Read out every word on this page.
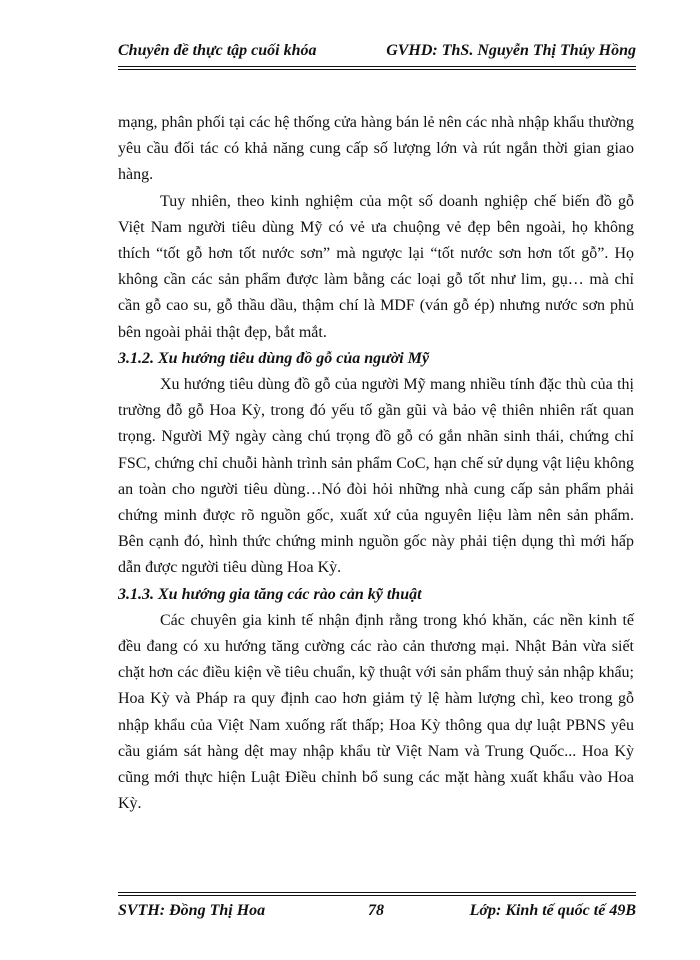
Chuyên đề thực tập cuối khóa	GVHD: ThS. Nguyễn Thị Thúy Hồng

mạng, phân phối tại các hệ thống cửa hàng bán lẻ nên các nhà nhập khẩu thường yêu cầu đối tác có khả năng cung cấp số lượng lớn và rút ngắn thời gian giao hàng.

Tuy nhiên, theo kinh nghiệm của một số doanh nghiệp chế biến đồ gỗ Việt Nam người tiêu dùng Mỹ có vẻ ưa chuộng vẻ đẹp bên ngoài, họ không thích “tốt gỗ hơn tốt nước sơn” mà ngược lại “tốt nước sơn hơn tốt gỗ”. Họ không cần các sản phẩm được làm bằng các loại gỗ tốt như lim, gụ… mà chỉ cần gỗ cao su, gỗ thầu dầu, thậm chí là MDF (ván gỗ ép) nhưng nước sơn phủ bên ngoài phải thật đẹp, bắt mắt.

3.1.2. Xu hướng tiêu dùng đồ gỗ của người Mỹ

Xu hướng tiêu dùng đồ gỗ của người Mỹ mang nhiều tính đặc thù của thị trường đỗ gỗ Hoa Kỳ, trong đó yếu tố gần gũi và bảo vệ thiên nhiên rất quan trọng. Người Mỹ ngày càng chú trọng đồ gỗ có gắn nhãn sinh thái, chứng chỉ FSC, chứng chỉ chuỗi hành trình sản phẩm CoC, hạn chế sử dụng vật liệu không an toàn cho người tiêu dùng…Nó đòi hỏi những nhà cung cấp sản phẩm phải chứng minh được rõ nguồn gốc, xuất xứ của nguyên liệu làm nên sản phẩm. Bên cạnh đó, hình thức chứng minh nguồn gốc này phải tiện dụng thì mới hấp dẫn được người tiêu dùng Hoa Kỳ.

3.1.3. Xu hướng gia tăng các rào cản kỹ thuật

Các chuyên gia kinh tế nhận định rằng trong khó khăn, các nền kinh tế đều đang có xu hướng tăng cường các rào cản thương mại. Nhật Bản vừa siết chặt hơn các điều kiện về tiêu chuẩn, kỹ thuật với sản phẩm thuỷ sản nhập khẩu; Hoa Kỳ và Pháp ra quy định cao hơn giảm tỷ lệ hàm lượng chì, keo trong gỗ nhập khẩu của Việt Nam xuống rất thấp; Hoa Kỳ thông qua dự luật PBNS yêu cầu giám sát hàng dệt may nhập khẩu từ Việt Nam và Trung Quốc... Hoa Kỳ cũng mới thực hiện Luật Điều chỉnh bổ sung các mặt hàng xuất khẩu vào Hoa Kỳ.

SVTH: Đồng Thị Hoa	78	Lớp: Kinh tế quốc tế 49B
